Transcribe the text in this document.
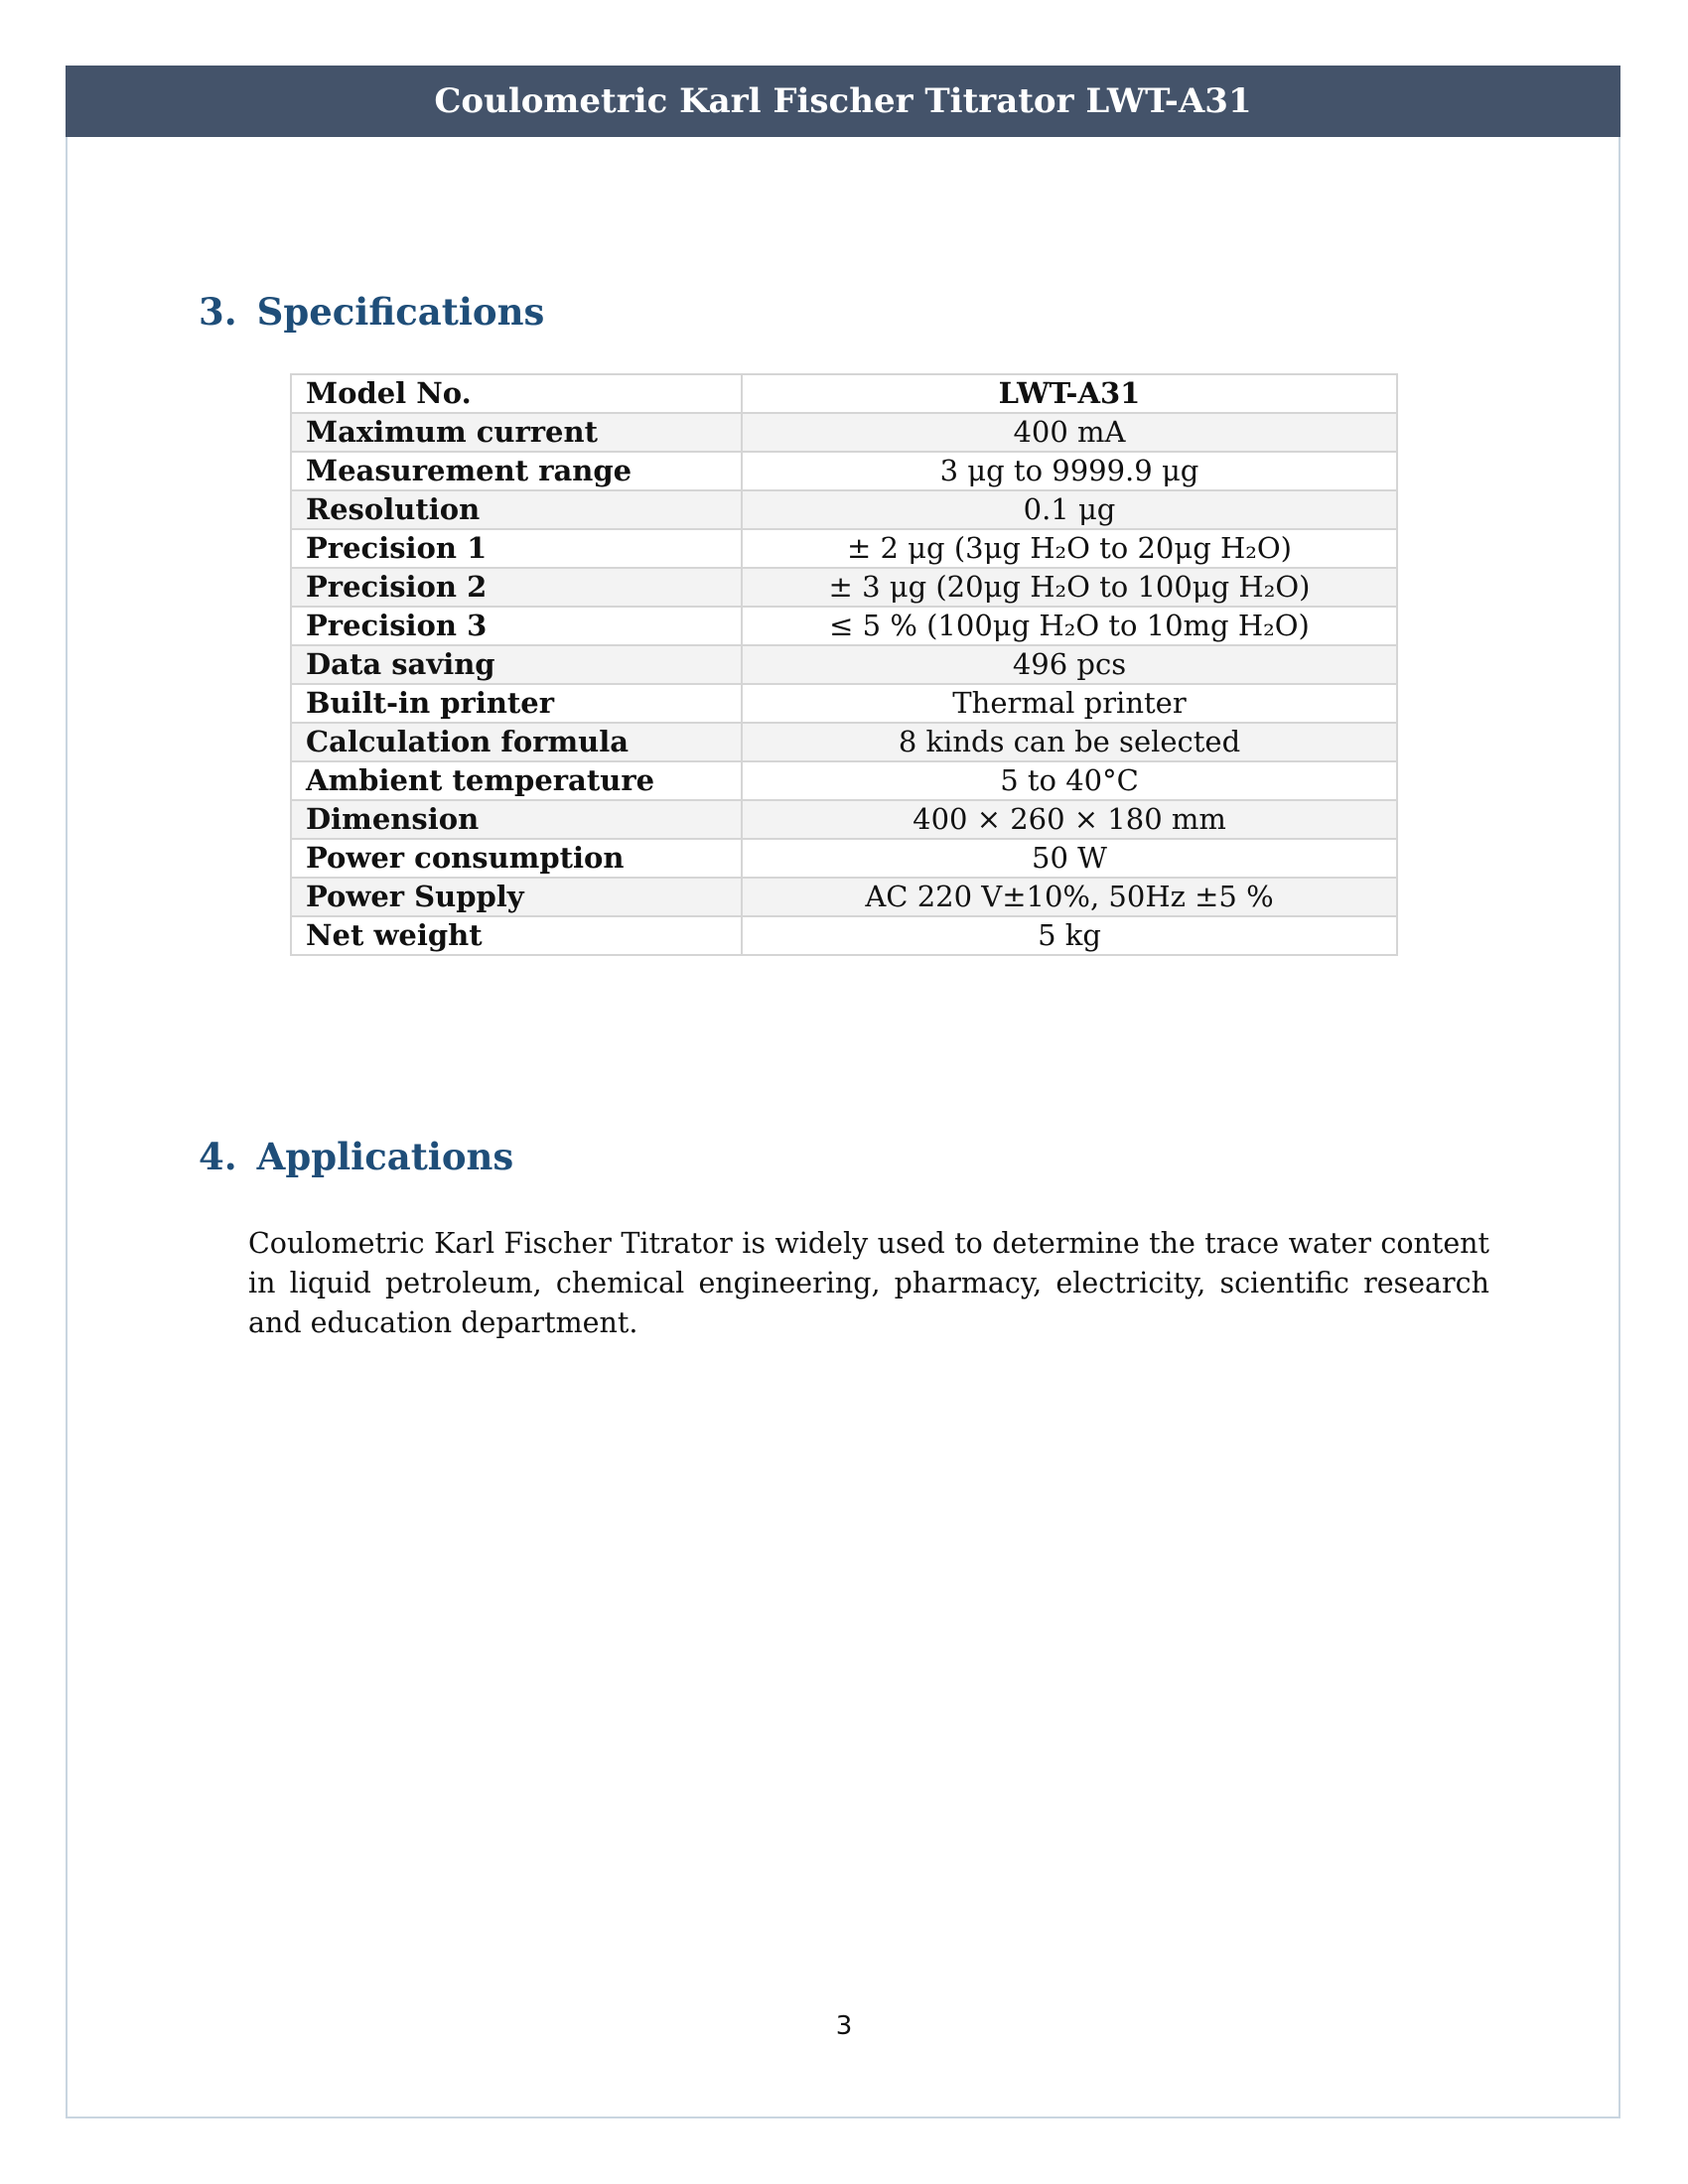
Coulometric Karl Fischer Titrator LWT-A31
3. Specifications
Model No.	LWT-A31
Maximum current	400 mA
Measurement range	3 μg to 9999.9 μg
Resolution	0.1 μg
Precision 1	± 2 μg (3μg H₂O to 20μg H₂O)
Precision 2	± 3 μg (20μg H₂O to 100μg H₂O)
Precision 3	≤ 5 % (100μg H₂O to 10mg H₂O)
Data saving	496 pcs
Built-in printer	Thermal printer
Calculation formula	8 kinds can be selected
Ambient temperature	5 to 40°C
Dimension	400 × 260 × 180 mm
Power consumption	50 W
Power Supply	AC 220 V±10%, 50Hz ±5 %
Net weight	5 kg
4. Applications

Coulometric Karl Fischer Titrator is widely used to determine the trace water content in liquid petroleum, chemical engineering, pharmacy, electricity, scientific research and education department.

3
